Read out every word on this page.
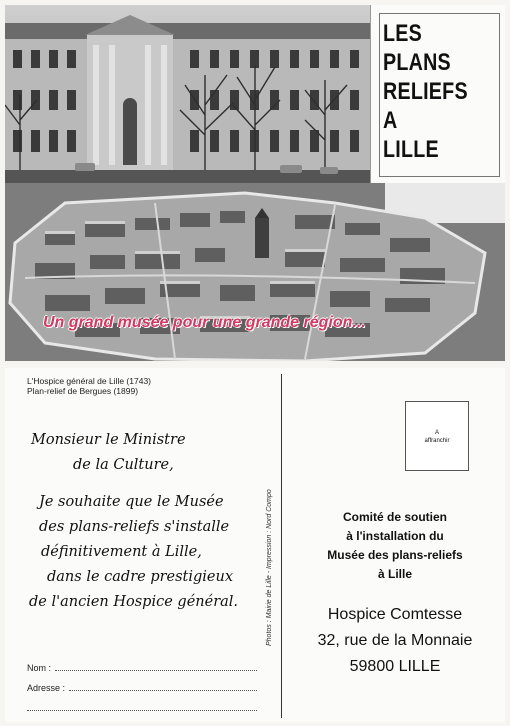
LES
PLANS
RELIEFS
A
LILLE
Un grand musée pour une grande région...
L'Hospice général de Lille (1743)
Plan-relief de Bergues (1899)
Monsieur le Ministre
de la Culture,
Je souhaite que le Musée
des plans-reliefs s'installe
définitivement à Lille,
dans le cadre prestigieux
de l'ancien Hospice général.
Nom :
Adresse :
Photos : Mairie de Lille - Impression : Nord Compo
A
affranchir
Comité de soutien
à l'installation du
Musée des plans-reliefs
à Lille
Hospice Comtesse
32, rue de la Monnaie
59800 LILLE
